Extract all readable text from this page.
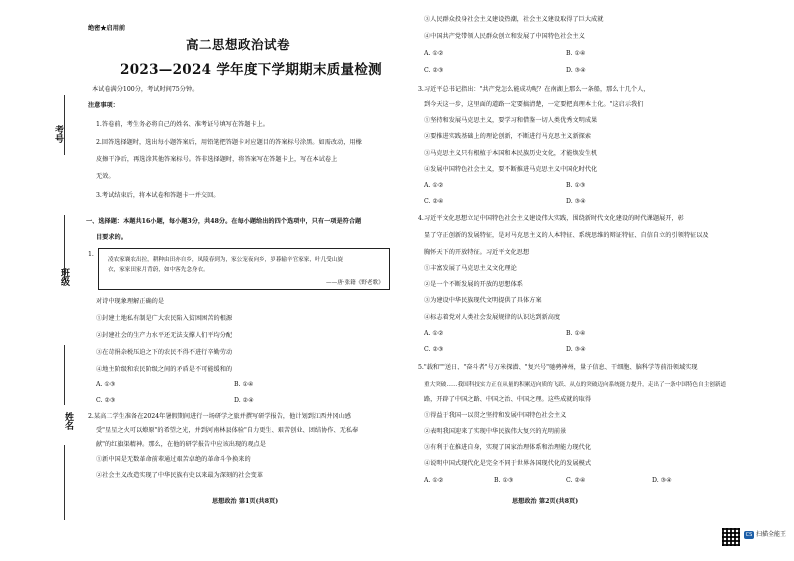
考号
班级
姓名
绝密★启用前
高二思想政治试卷
2023—2024 学年度下学期期末质量检测
本试卷满分100分，考试时间75分钟。
注意事项：
1.答卷前，考生务必将自己的姓名、准考证号填写在答题卡上。
2.回答选择题时，选出每小题答案后，用铅笔把答题卡对应题目的答案标号涂黑。如需改动，用橡
皮擦干净后，再选涂其他答案标号。答非选择题时，将答案写在答题卡上，写在本试卷上
无效。
3.考试结束后，将本试卷和答题卡一并交回。
一、选择题：本题共16小题，每小题3分，共48分。在每小题给出的四个选项中，只有一项是符合题
目要求的。
1.
凌农家襄农出拉，耕种由田亦自乡，凤陵春到为，家公宠夜向乡，岁暮输辛官家家，叶几受山旋
衣，家家田家月背蔚，如中客先念身衣。
——唐·张籍《野老歌》
对诗中现象理解正确的是
①封建土地私有制是广大农民陷入贫困困苦的根源
②封建社会的生产力水平还无法支撑人们平均分配
③在苛捐杂税压迫之下的农民不得不进行辛勤劳动
④地主阶级和农民阶级之间的矛盾是不可能缓和的
A. ①③	B. ①④
C. ②③	D. ②④
2.某高二学生准备在2024年暑假期间进行一场研学之旅并撰写研学报告，他计划到江西井冈山感
受"星星之火可以燎原"的希望之光，并到河南林县体验"自力更生、艰苦创业、团结协作、无私奉
献"的红旗渠精神。那么，在他的研学报告中应该出现的观点是
①新中国是无数革命前辈通过艰苦卓绝的革命斗争换来的
②社会主义改造实现了中华民族有史以来最为深刻的社会变革
思想政治 第1页(共8页)
③人民群众投身社会主义建设热潮，社会主义建设取得了巨大成就
④中国共产党带领人民群众创立和发展了中国特色社会主义
A. ①②	B. ①④
C. ②③	D. ③④
3.习近平总书记指出："共产党怎么能成功呢？在南湖上那么一条船，那么十几个人，
到今天这一步，这里面的道路一定要搞清楚，一定要把真理本土化。"这启示我们
①坚持和发展马克思主义，要学习和借鉴一切人类优秀文明成果
②要推进实践基础上的理论创新，不断进行马克思主义新探索
③马克思主义只有根植于本国和本民族历史文化，才能焕发生机
④发展中国特色社会主义，要不断推进马克思主义中国化时代化
A. ①②	B. ①③
C. ②④	D. ③④
4.习近平文化思想立足中国特色社会主义建设伟大实践，围绕新时代文化建设的时代课题展开，彰
显了守正创新的发展特征，是对马克思主义的人本特征、系统思维的辩证特征、自信自立的引领特征以及
胸怀天下的开放特征。习近平文化思想
①丰富发展了马克思主义文化理论
②是一个不断发展的开放的思想体系
③为建设中华民族现代文明提供了具体方案
④标志着党对人类社会发展规律的认识达到新高度
A. ①②	B. ①④
C. ②③	D. ③④
5."载和""送日、"奋斗者"号万米探潜、"复兴号"驰骋神州，量子信息、干细胞、脑科学等前沿领域实现
重大突破……我国科技实力正在从量的积累迈向质的飞跃、从点的突破迈向系统能力提升，走出了一条中国特色自主创新道
路，开辟了中国之路、中国之治、中国之理。这些成就的取得
①得益于我国一以贯之坚持和发展中国特色社会主义
②表明我国迎来了实现中华民族伟大复兴的光明前景
③有利于在推进自身，实现了国家治理体系和治理能力现代化
④说明中国式现代化是完全不同于世界各国现代化的发展模式
A. ①②	B. ①③	C. ②④	D. ③④
思想政治 第2页(共8页)
CS 扫描全能王
